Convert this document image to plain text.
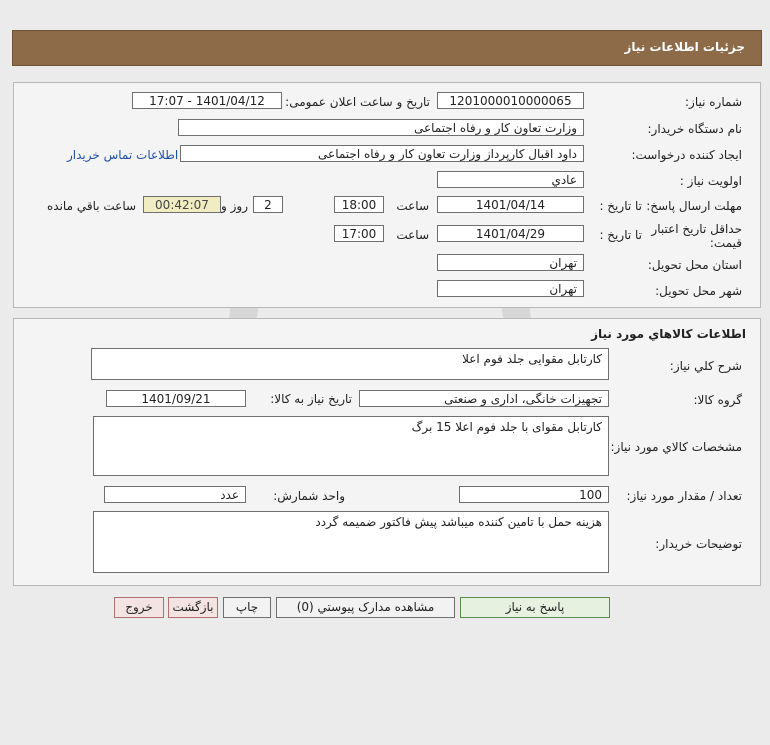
جزئیات اطلاعات نیاز
شماره نیاز:
1201000010000065
تاریخ و ساعت اعلان عمومی:
1401/04/12 - 17:07
نام دستگاه خریدار:
وزارت تعاون کار و رفاه اجتماعی
ایجاد کننده درخواست:
داود اقبال کارپرداز وزارت تعاون کار و رفاه اجتماعی
اطلاعات تماس خریدار
اولویت نیاز :
عادي
مهلت ارسال پاسخ:
تا تاریخ :
1401/04/14
ساعت
18:00
2
روز و
00:42:07
ساعت باقي مانده
حداقل تاریخ اعتبار
قیمت:
تا تاریخ :
1401/04/29
ساعت
17:00
استان محل تحویل:
تهران
شهر محل تحویل:
تهران
اطلاعات کالاهاي مورد نیاز
شرح کلي نیاز:
کارتابل مقوایی جلد فوم اعلا
گروه کالا:
تجهیزات خانگی، اداری و صنعتی
تاریخ نیاز به کالا:
1401/09/21
مشخصات کالاي مورد نیاز:
کارتابل مقوای با جلد فوم اعلا 15 برگ
تعداد / مقدار مورد نیاز:
100
واحد شمارش:
عدد
توضیحات خریدار:
هزینه حمل با تامین کننده میباشد پیش فاکتور ضمیمه گردد
پاسخ به نیاز
مشاهده مدارک پیوستي (0)
چاپ
بازگشت
خروج
